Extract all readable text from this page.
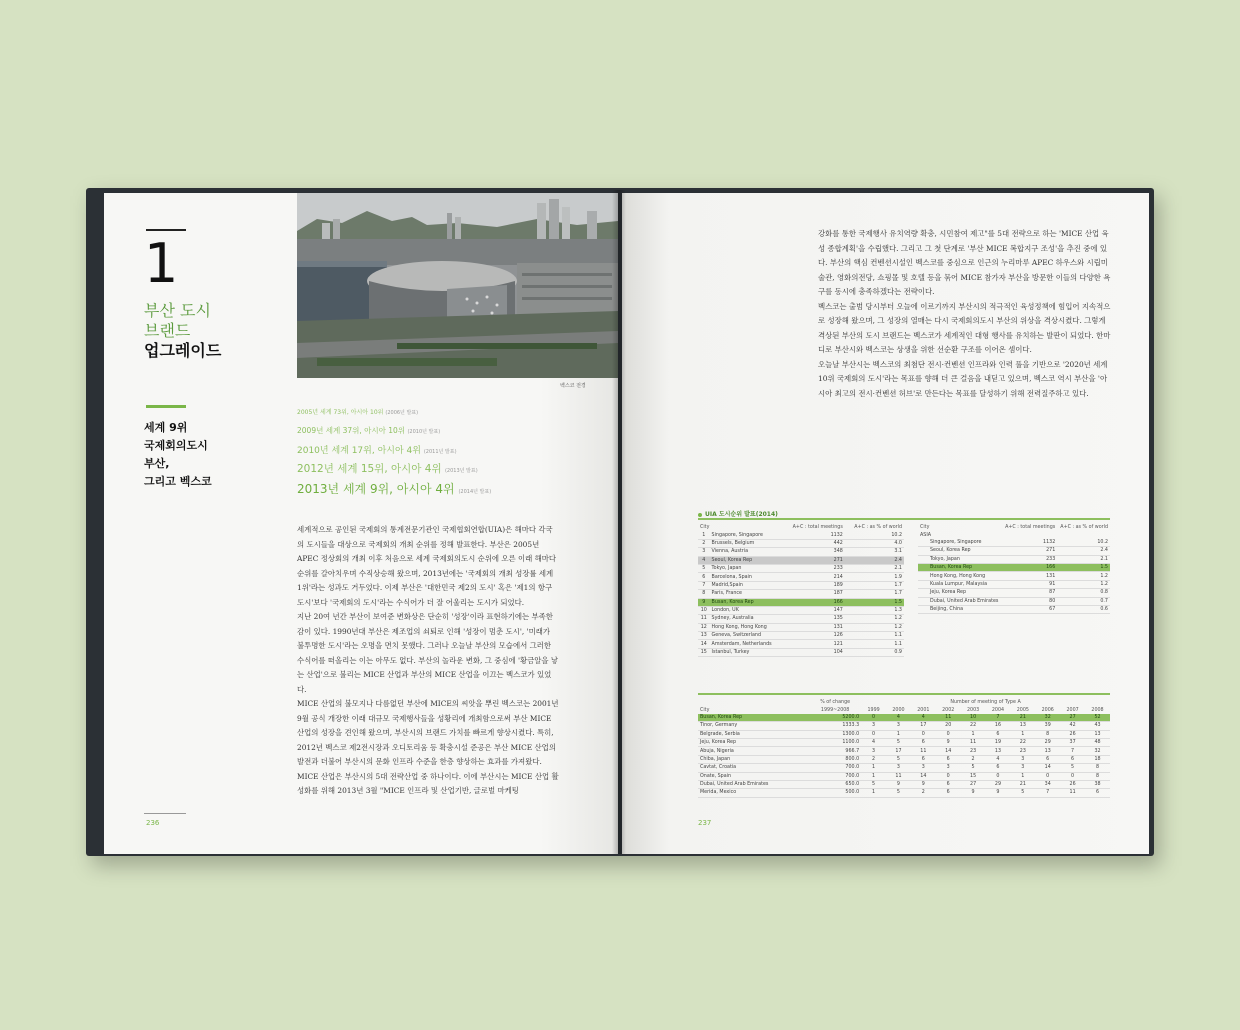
1
부산 도시
브랜드
업그레이드
세계 9위
국제회의도시
부산,
그리고 벡스코
벡스코 전경
2005년 세계 73위, 아시아 10위 (2006년 발표)
2009년 세계 37위, 아시아 10위 (2010년 발표)
2010년 세계 17위, 아시아 4위 (2011년 발표)
2012년 세계 15위, 아시아 4위 (2013년 발표)
2013년 세계 9위, 아시아 4위 (2014년 발표)

세계적으로 공인된 국제회의 통계전문기관인 국제협회연합(UIA)은 해마다 각국의 도시들을 대상으로 국제회의 개최 순위를 정해 발표한다. 부산은 2005년 APEC 정상회의 개최 이후 처음으로 세계 국제회의도시 순위에 오른 이래 해마다 순위를 갈아치우며 수직상승해 왔으며, 2013년에는 '국제회의 개최 성장률 세계 1위'라는 성과도 거두었다. 이제 부산은 '대한민국 제2의 도시' 혹은 '제1의 항구도시'보다 '국제회의 도시'라는 수식어가 더 잘 어울리는 도시가 되었다.

지난 20여 년간 부산이 보여준 변화상은 단순히 '성장'이라 표현하기에는 부족한 감이 있다. 1990년대 부산은 제조업의 쇠퇴로 인해 '성장이 멈춘 도시', '미래가 불투명한 도시'라는 오명을 면치 못했다. 그러나 오늘날 부산의 모습에서 그러한 수식어를 떠올리는 이는 아무도 없다. 부산의 놀라운 변화, 그 중심에 '황금알을 낳는 산업'으로 불리는 MICE 산업과 부산의 MICE 산업을 이끄는 벡스코가 있었다.

MICE 산업의 불모지나 다름없던 부산에 MICE의 씨앗을 뿌린 벡스코는 2001년 9월 공식 개장한 이래 대규모 국제행사들을 성황리에 개최함으로써 부산 MICE 산업의 성장을 견인해 왔으며, 부산시의 브랜드 가치를 빠르게 향상시켰다. 특히, 2012년 벡스코 제2전시장과 오디토리움 등 확충시설 준공은 부산 MICE 산업의 발전과 더불어 부산시의 문화 인프라 수준을 한층 향상하는 효과를 가져왔다.

MICE 산업은 부산시의 5대 전략산업 중 하나이다. 이에 부산시는 MICE 산업 활성화를 위해 2013년 3월 "MICE 인프라 및 산업기반, 글로벌 마케팅

236

강화를 통한 국제행사 유치역량 확충, 시민참여 제고"를 5대 전략으로 하는 'MICE 산업 육성 종합계획'을 수립했다. 그리고 그 첫 단계로 '부산 MICE 복합지구 조성'을 추진 중에 있다. 부산의 핵심 컨벤션시설인 벡스코를 중심으로 인근의 누리마루 APEC 하우스와 시립미술관, 영화의전당, 쇼핑몰 및 호텔 등을 묶어 MICE 참가자 부산을 방문한 이들의 다양한 욕구를 동시에 충족하겠다는 전략이다.

벡스코는 출범 당시부터 오늘에 이르기까지 부산시의 적극적인 육성정책에 힘입어 지속적으로 성장해 왔으며, 그 성장의 열매는 다시 국제회의도시 부산의 위상을 격상시켰다. 그렇게 격상된 부산의 도시 브랜드는 벡스코가 세계적인 대형 행사를 유치하는 발판이 되었다. 한마디로 부산시와 벡스코는 상생을 위한 선순환 구조를 이어온 셈이다.

오늘날 부산시는 벡스코의 최첨단 전시·컨벤션 인프라와 인력 풀을 기반으로 '2020년 세계 10위 국제회의 도시'라는 목표를 향해 더 큰 걸음을 내딛고 있으며, 벡스코 역시 부산을 '아시아 최고의 전시·컨벤션 허브'로 만든다는 목표를 달성하기 위해 전력질주하고 있다.

UIA 도시순위 발표(2014)
City		A+C : total meetings	A+C : as % of world
1	Singapore, Singapore	1132	10.2
2	Brussels, Belgium	442	4.0
3	Vienna, Austria	348	3.1
4	Seoul, Korea Rep	271	2.4
5	Tokyo, Japan	233	2.1
6	Barcelona, Spain	214	1.9
7	Madrid,Spain	189	1.7
8	Paris, France	187	1.7
9	Busan, Korea Rep	166	1.5
10	London, UK	147	1.3
11	Sydney, Australia	135	1.2
12	Hong Kong, Hong Kong	131	1.2
13	Geneva, Switzerland	126	1.1
14	Amsterdam, Netherlands	121	1.1
15	Istanbul, Turkey	104	0.9
City	A+C : total meetings	A+C : as % of world
ASIA		
Singapore, Singapore	1132	10.2
Seoul, Korea Rep	271	2.4
Tokyo, Japan	233	2.1
Busan, Korea Rep	166	1.5
Hong Kong, Hong Kong	131	1.2
Kuala Lumpur, Malaysia	91	1.2
Jeju, Korea Rep	87	0.8
Dubai, United Arab Emirates	80	0.7
Beijing, China	67	0.6
	% of change	Number of meeting of Type A									
City	1999~2008	1999	2000	2001	2002	2003	2004	2005	2006	2007	2008
Busan, Korea Rep	5200.0	0	4	4	11	10	7	21	32	27	52
Tinor, Germany	1333.3	3	3	17	20	22	16	13	39	42	43
Belgrade, Serbia	1300.0	0	1	0	0	1	6	1	8	26	13
Jeju, Korea Rep	1100.0	4	5	6	9	11	19	22	29	37	48
Abuja, Nigeria	966.7	3	17	11	14	23	13	23	13	7	32
Chiba, Japan	800.0	2	5	6	6	2	4	3	6	6	18
Cavtat, Croatia	700.0	1	3	3	3	5	6	3	14	5	8
Onate, Spain	700.0	1	11	14	0	15	0	1	0	0	8
Dubai, United Arab Emirates	650.0	5	9	9	6	27	29	21	34	26	38
Merida, Mexico	500.0	1	5	2	6	9	9	5	7	11	6
237
